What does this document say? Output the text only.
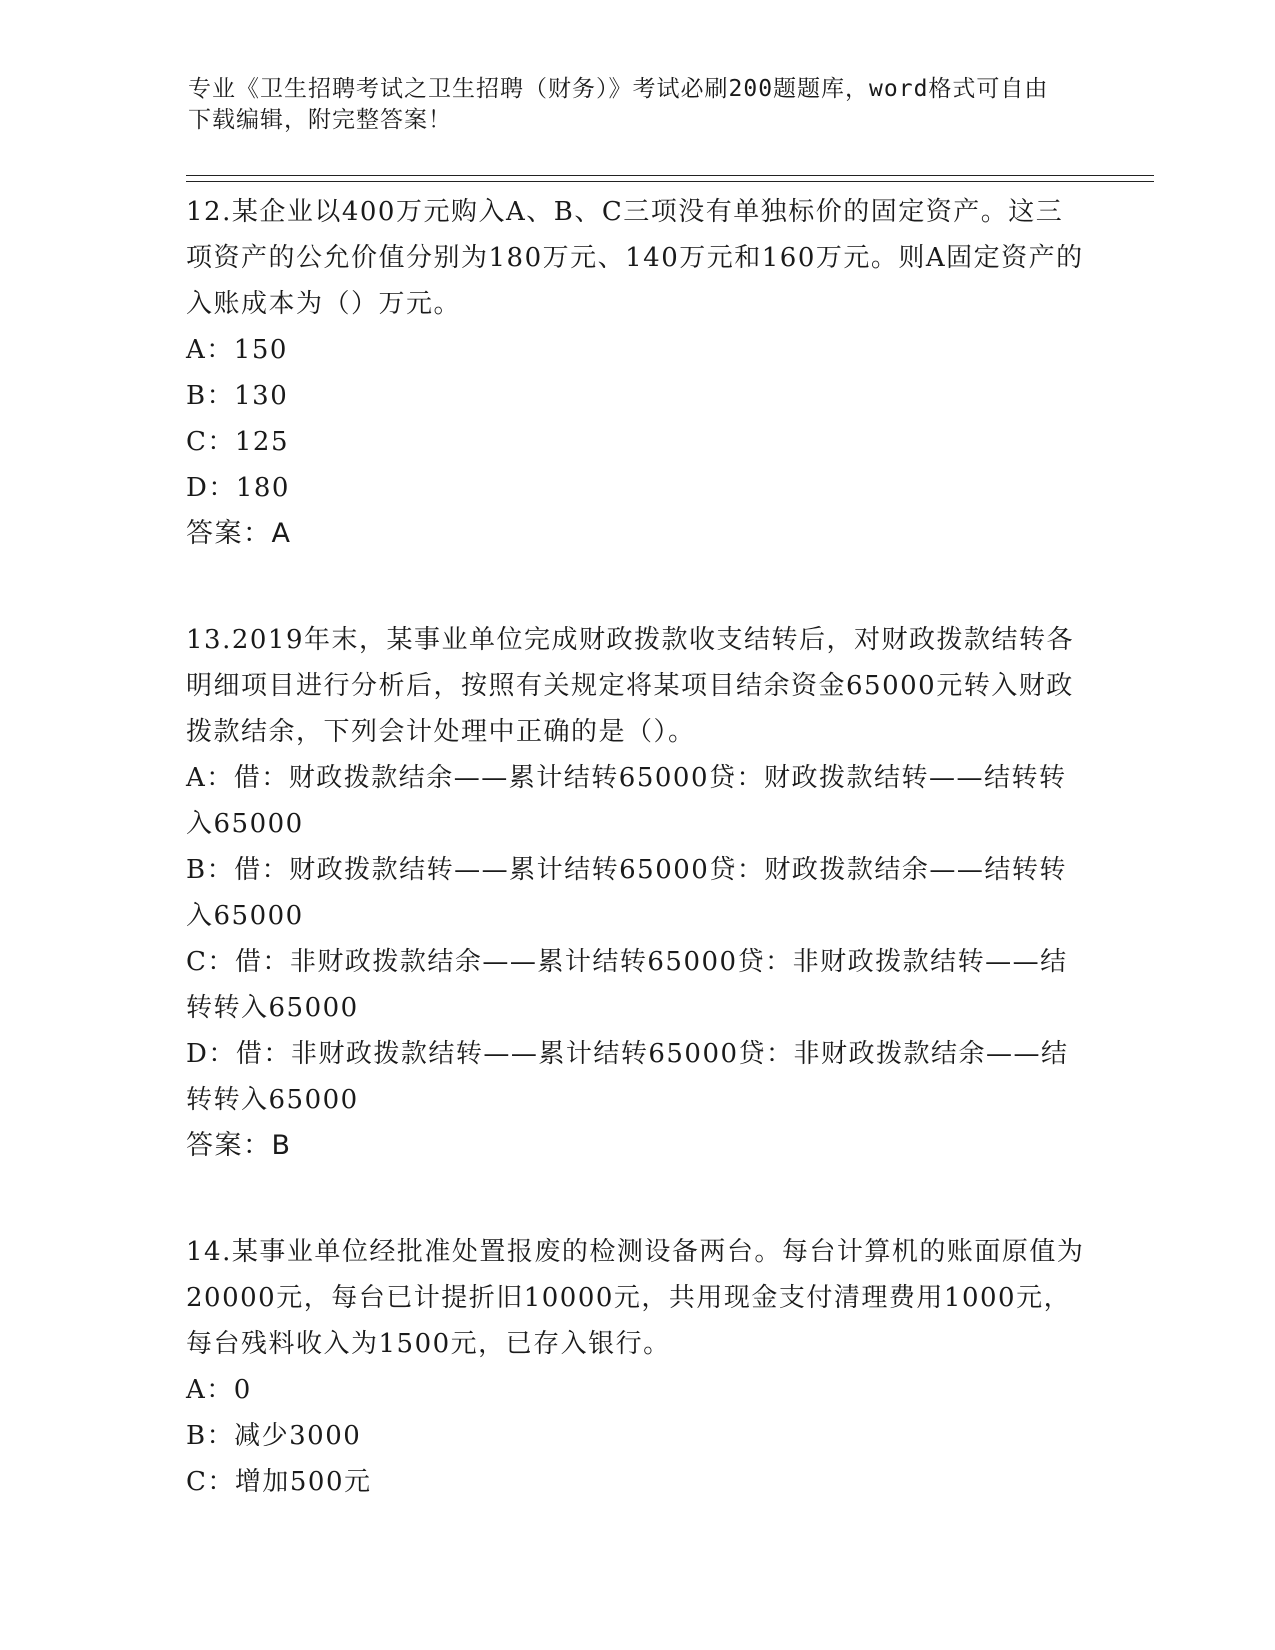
专业《卫生招聘考试之卫生招聘（财务）》考试必刷200题题库，word格式可自由下载编辑，附完整答案！

12.某企业以400万元购入A、B、C三项没有单独标价的固定资产。这三项资产的公允价值分别为180万元、140万元和160万元。则A固定资产的入账成本为（）万元。

A：150

B：130

C：125

D：180

答案：A

13.2019年末，某事业单位完成财政拨款收支结转后，对财政拨款结转各明细项目进行分析后，按照有关规定将某项目结余资金65000元转入财政拨款结余，下列会计处理中正确的是（）。

A：借：财政拨款结余——累计结转65000贷：财政拨款结转——结转转入65000

B：借：财政拨款结转——累计结转65000贷：财政拨款结余——结转转入65000

C：借：非财政拨款结余——累计结转65000贷：非财政拨款结转——结转转入65000

D：借：非财政拨款结转——累计结转65000贷：非财政拨款结余——结转转入65000

答案：B

14.某事业单位经批准处置报废的检测设备两台。每台计算机的账面原值为20000元，每台已计提折旧10000元，共用现金支付清理费用1000元，每台残料收入为1500元，已存入银行。

A：0

B：减少3000

C：增加500元
